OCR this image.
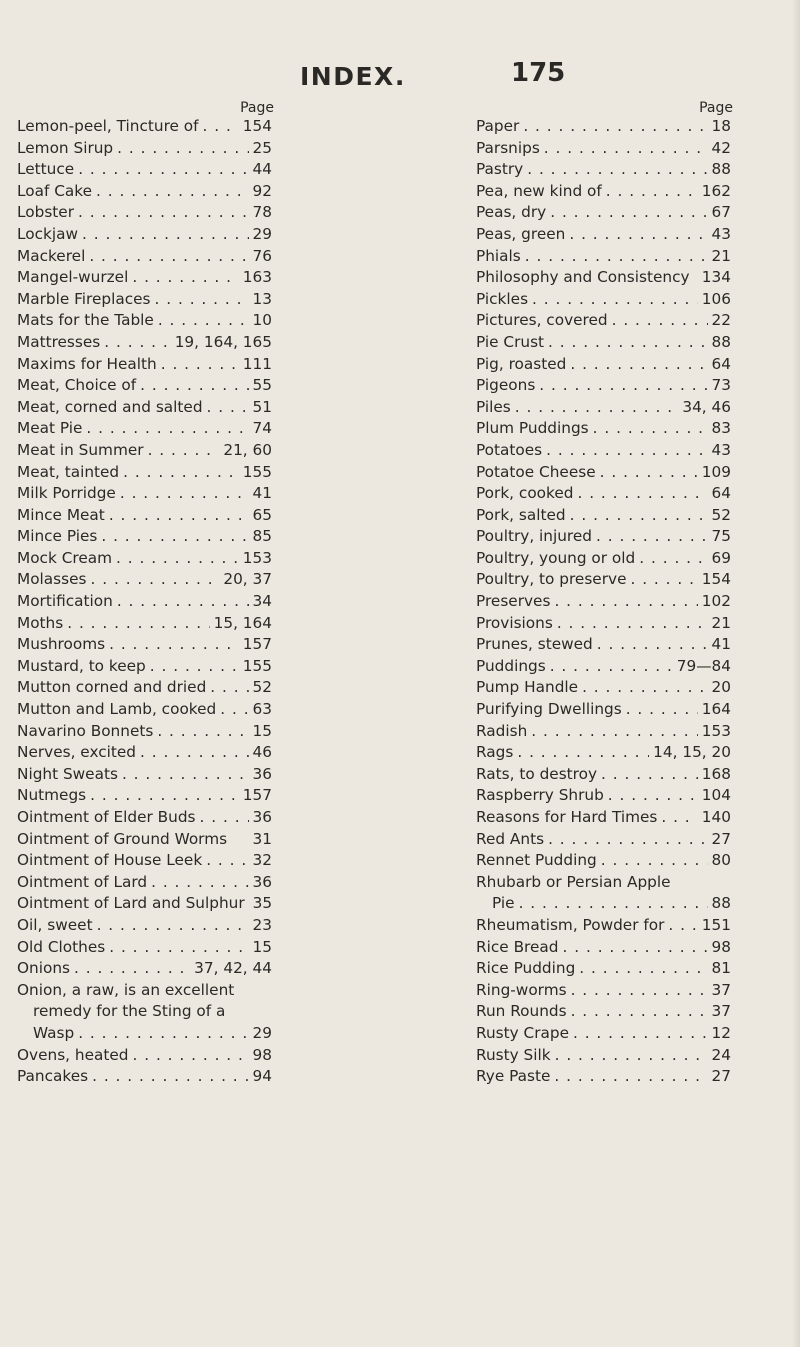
INDEX.	175
Page
Lemon-peel, Tincture of . . .	154
Lemon Sirup . . .	25
Lettuce . . .	44
Loaf Cake . . .	92
Lobster . . .	78
Lockjaw . . .	29
Mackerel . . .	76
Mangel-wurzel . . .	163
Marble Fireplaces . . .	13
Mats for the Table . . .	10
Mattresses . . .	19, 164, 165
Maxims for Health . . .	111
Meat, Choice of . . .	55
Meat, corned and salted . . .	51
Meat Pie . . .	74
Meat in Summer . . .	21, 60
Meat, tainted . . .	155
Milk Porridge . . .	41
Mince Meat . . .	65
Mince Pies . . .	85
Mock Cream . . .	153
Molasses . . .	20, 37
Mortification . . .	34
Moths . . .	15, 164
Mushrooms . . .	157
Mustard, to keep . . .	155
Mutton corned and dried . . .	52
Mutton and Lamb, cooked . . . 63
Navarino Bonnets . . .	15
Nerves, excited . . .	46
Night Sweats . . .	36
Nutmegs . . .	157
Ointment of Elder Buds . . .	36
Ointment of Ground Worms 31
Ointment of House Leek . . .	32
Ointment of Lard . . .	36
Ointment of Lard and Sulphur 35
Oil, sweet . . .	23
Old Clothes . . .	15
Onions . . .	37, 42, 44
Onion, a raw, is an excellent
remedy for the Sting of a
Wasp . . .	29
Ovens, heated . . .	98
Pancakes . . .	94
Page
Paper . . .	18
Parsnips . . .	42
Pastry . . .	88
Pea, new kind of . . .	162
Peas, dry . . .	67
Peas, green . . .	43
Phials . . .	21
Philosophy and Consistency 134
Pickles . . .	106
Pictures, covered . . .	22
Pie Crust . . .	88
Pig, roasted . . .	64
Pigeons . . .	73
Piles . . .	34, 46
Plum Puddings . . .	83
Potatoes . . .	43
Potatoe Cheese . . .	109
Pork, cooked . . .	64
Pork, salted . . .	52
Poultry, injured . . .	75
Poultry, young or old . . .	69
Poultry, to preserve . . .	154
Preserves . . .	102
Provisions . . .	21
Prunes, stewed . . .	41
Puddings . . .	79—84
Pump Handle . . .	20
Purifying Dwellings . . .	164
Radish . . .	153
Rags . . .	14, 15, 20
Rats, to destroy . . .	168
Raspberry Shrub . . .	104
Reasons for Hard Times . . .	140
Red Ants . . .	27
Rennet Pudding . . .	80
Rhubarb or Persian Apple
Pie . . .	88
Rheumatism, Powder for . . . 151
Rice Bread . . .	98
Rice Pudding . . .	81
Ring-worms . . .	37
Run Rounds . . .	37
Rusty Crape . . .	12
Rusty Silk . . .	24
Rye Paste . . .	27
